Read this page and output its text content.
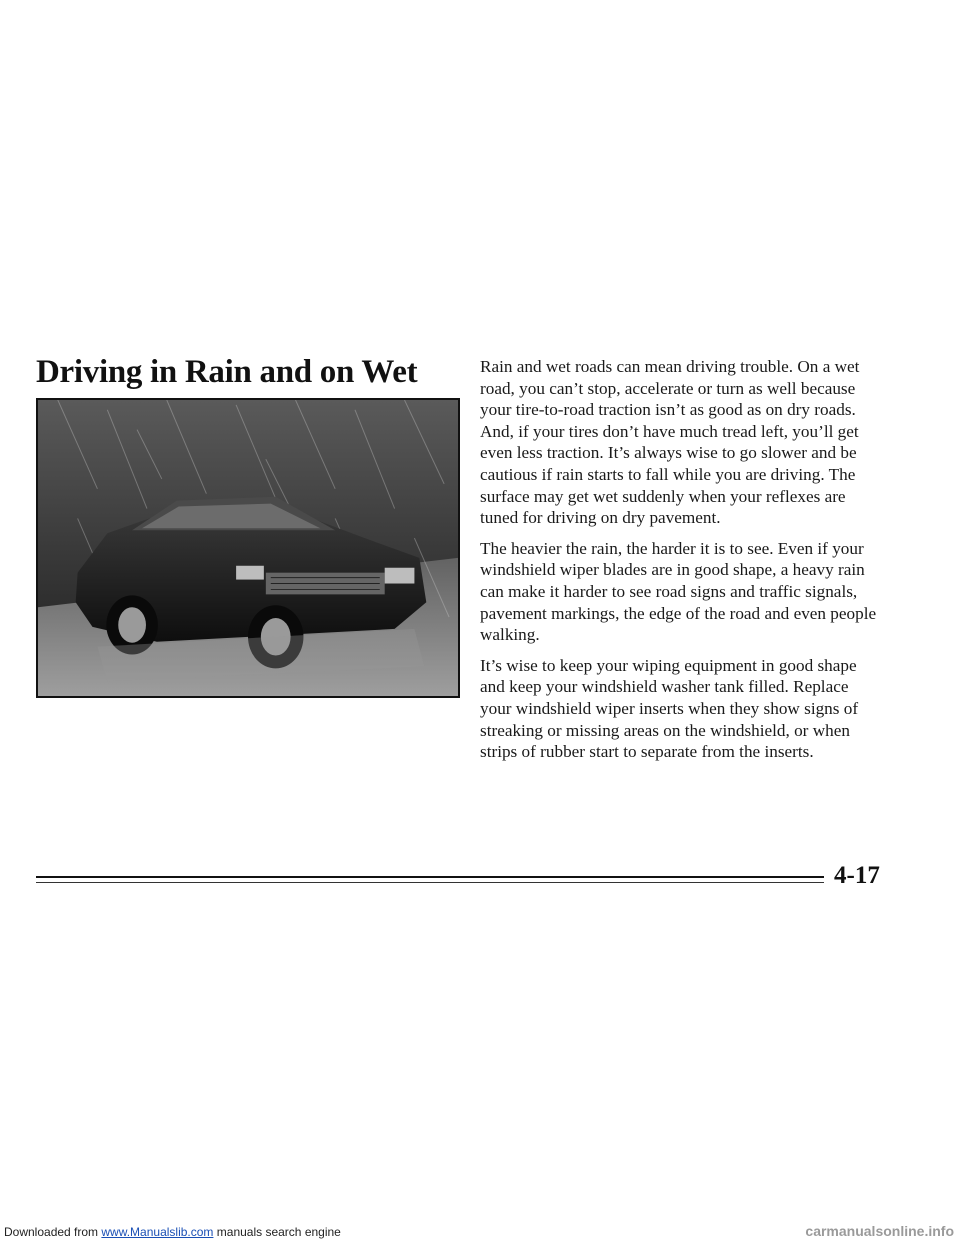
Driving in Rain and on Wet	Rain and wet roads can mean driving trouble. On a wet road, you can’t stop, accelerate or turn as well because your tire-to-road traction isn’t as good as on dry roads. And, if your tires don’t have much tread left, you’ll get even less traction. It’s always wise to go slower and be cautious if rain starts to fall while you are driving. The surface may get wet suddenly when your reflexes are tuned for driving on dry pavement.

The heavier the rain, the harder it is to see. Even if your windshield wiper blades are in good shape, a heavy rain can make it harder to see road signs and traffic signals, pavement markings, the edge of the road and even people walking.

It’s wise to keep your wiping equipment in good shape and keep your windshield washer tank filled. Replace your windshield wiper inserts when they show signs of streaking or missing areas on the windshield, or when strips of rubber start to separate from the inserts.

4-17
Downloaded from www.Manualslib.com manuals search engine	carmanualsonline.info
